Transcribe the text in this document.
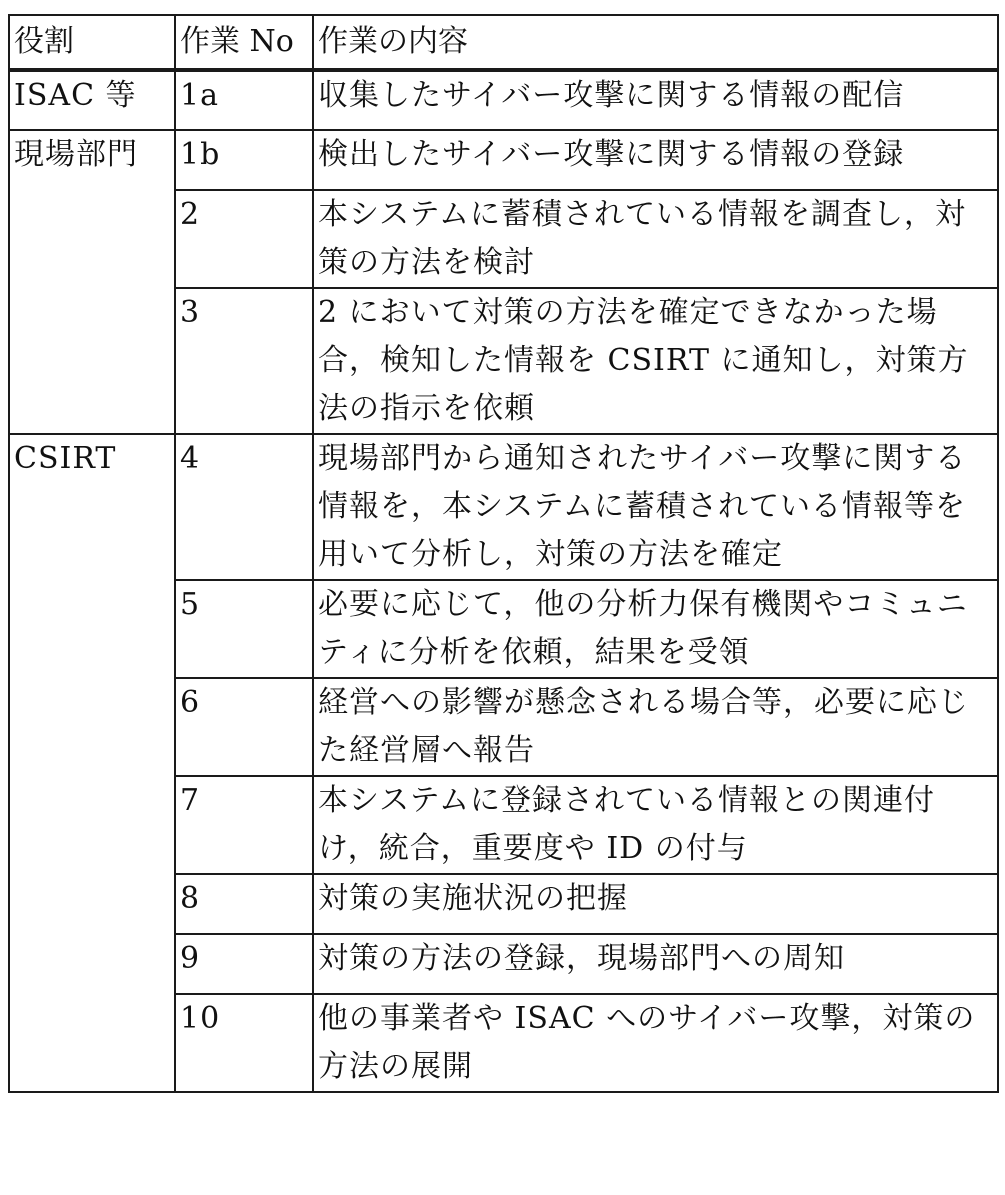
役割	作業 No	作業の内容
ISAC 等	1a	収集したサイバー攻撃に関する情報の配信
現場部門	1b	検出したサイバー攻撃に関する情報の登録
	2	本システムに蓄積されている情報を調査し，対策の方法を検討
	3	2 において対策の方法を確定できなかった場合，検知した情報を CSIRT に通知し，対策方法の指示を依頼
CSIRT	4	現場部門から通知されたサイバー攻撃に関する情報を，本システムに蓄積されている情報等を用いて分析し，対策の方法を確定
	5	必要に応じて，他の分析力保有機関やコミュニティに分析を依頼，結果を受領
	6	経営への影響が懸念される場合等，必要に応じた経営層へ報告
	7	本システムに登録されている情報との関連付け，統合，重要度や ID の付与
	8	対策の実施状況の把握
	9	対策の方法の登録，現場部門への周知
	10	他の事業者や ISAC へのサイバー攻撃，対策の方法の展開
